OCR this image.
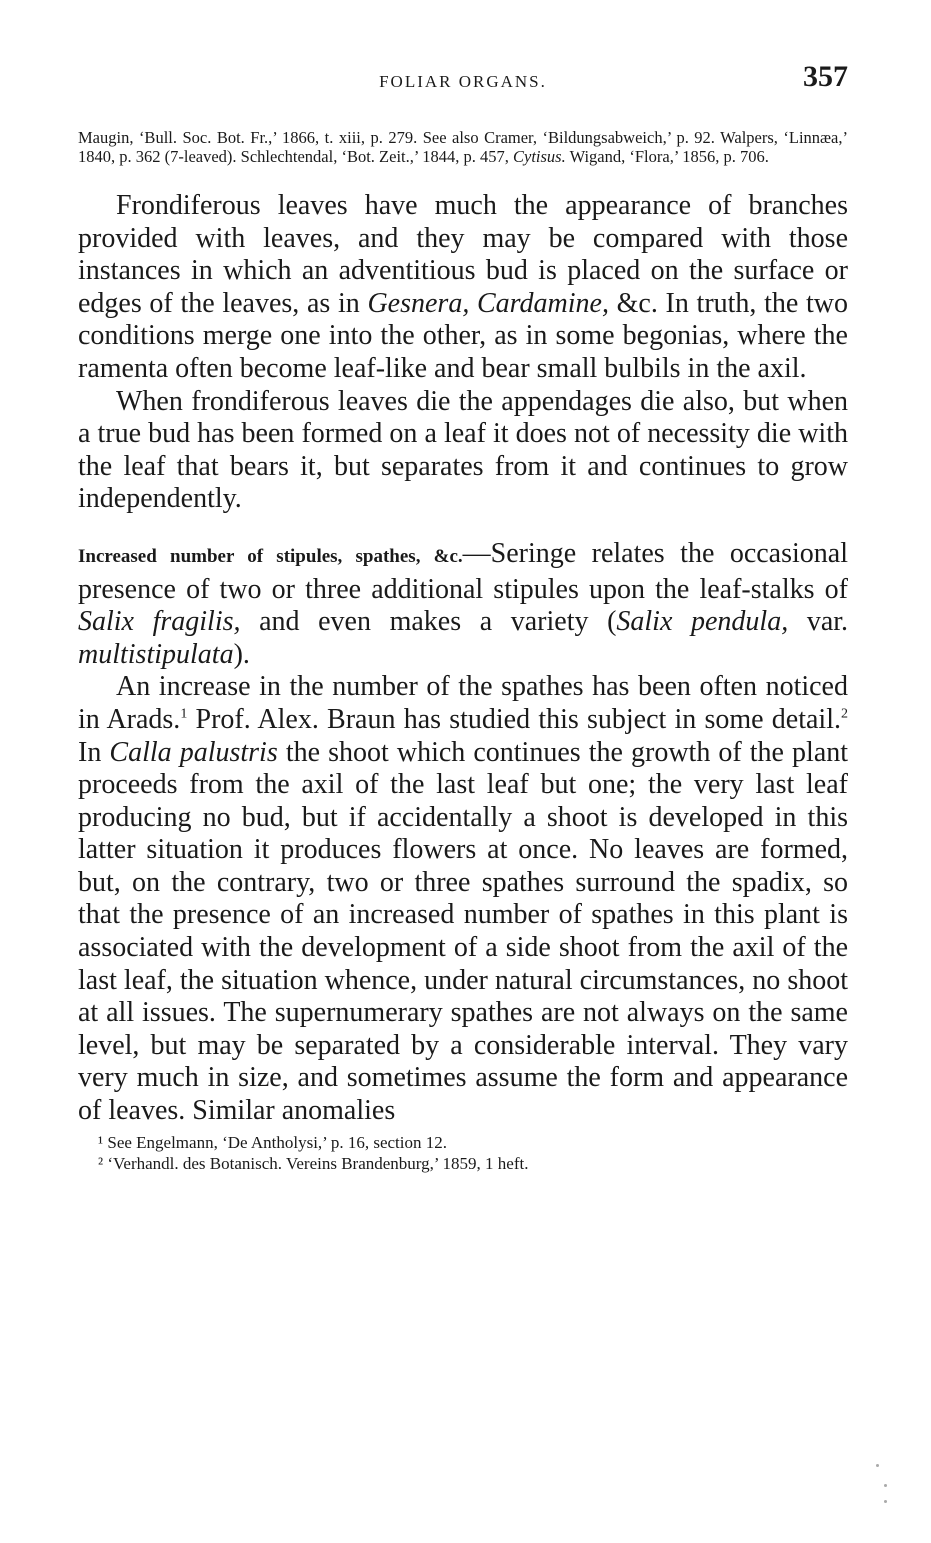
FOLIAR ORGANS.	357
Maugin, ‘Bull. Soc. Bot. Fr.,’ 1866, t. xiii, p. 279. See also Cramer, ‘Bildungsabweich,’ p. 92. Walpers, ‘Linnæa,’ 1840, p. 362 (7-leaved). Schlechtendal, ‘Bot. Zeit.,’ 1844, p. 457, Cytisus. Wigand, ‘Flora,’ 1856, p. 706.

Frondiferous leaves have much the appearance of branches provided with leaves, and they may be compared with those instances in which an adventitious bud is placed on the surface or edges of the leaves, as in Gesnera, Cardamine, &c. In truth, the two conditions merge one into the other, as in some begonias, where the ramenta often become leaf-like and bear small bulbils in the axil.

When frondiferous leaves die the appendages die also, but when a true bud has been formed on a leaf it does not of necessity die with the leaf that bears it, but separates from it and continues to grow independently.

Increased number of stipules, spathes, &c.—Seringe relates the occasional presence of two or three additional stipules upon the leaf-stalks of Salix fragilis, and even makes a variety (Salix pendula, var. multistipulata).

An increase in the number of the spathes has been often noticed in Arads.$^1$ Prof. Alex. Braun has studied this subject in some detail.$^2$ In Calla palustris the shoot which continues the growth of the plant proceeds from the axil of the last leaf but one; the very last leaf producing no bud, but if accidentally a shoot is developed in this latter situation it produces flowers at once. No leaves are formed, but, on the contrary, two or three spathes surround the spadix, so that the presence of an increased number of spathes in this plant is associated with the development of a side shoot from the axil of the last leaf, the situation whence, under natural circumstances, no shoot at all issues. The supernumerary spathes are not always on the same level, but may be separated by a considerable interval. They vary very much in size, and sometimes assume the form and appearance of leaves. Similar anomalies

¹ See Engelmann, ‘De Antholysi,’ p. 16, section 12.
² ‘Verhandl. des Botanisch. Vereins Brandenburg,’ 1859, 1 heft.
